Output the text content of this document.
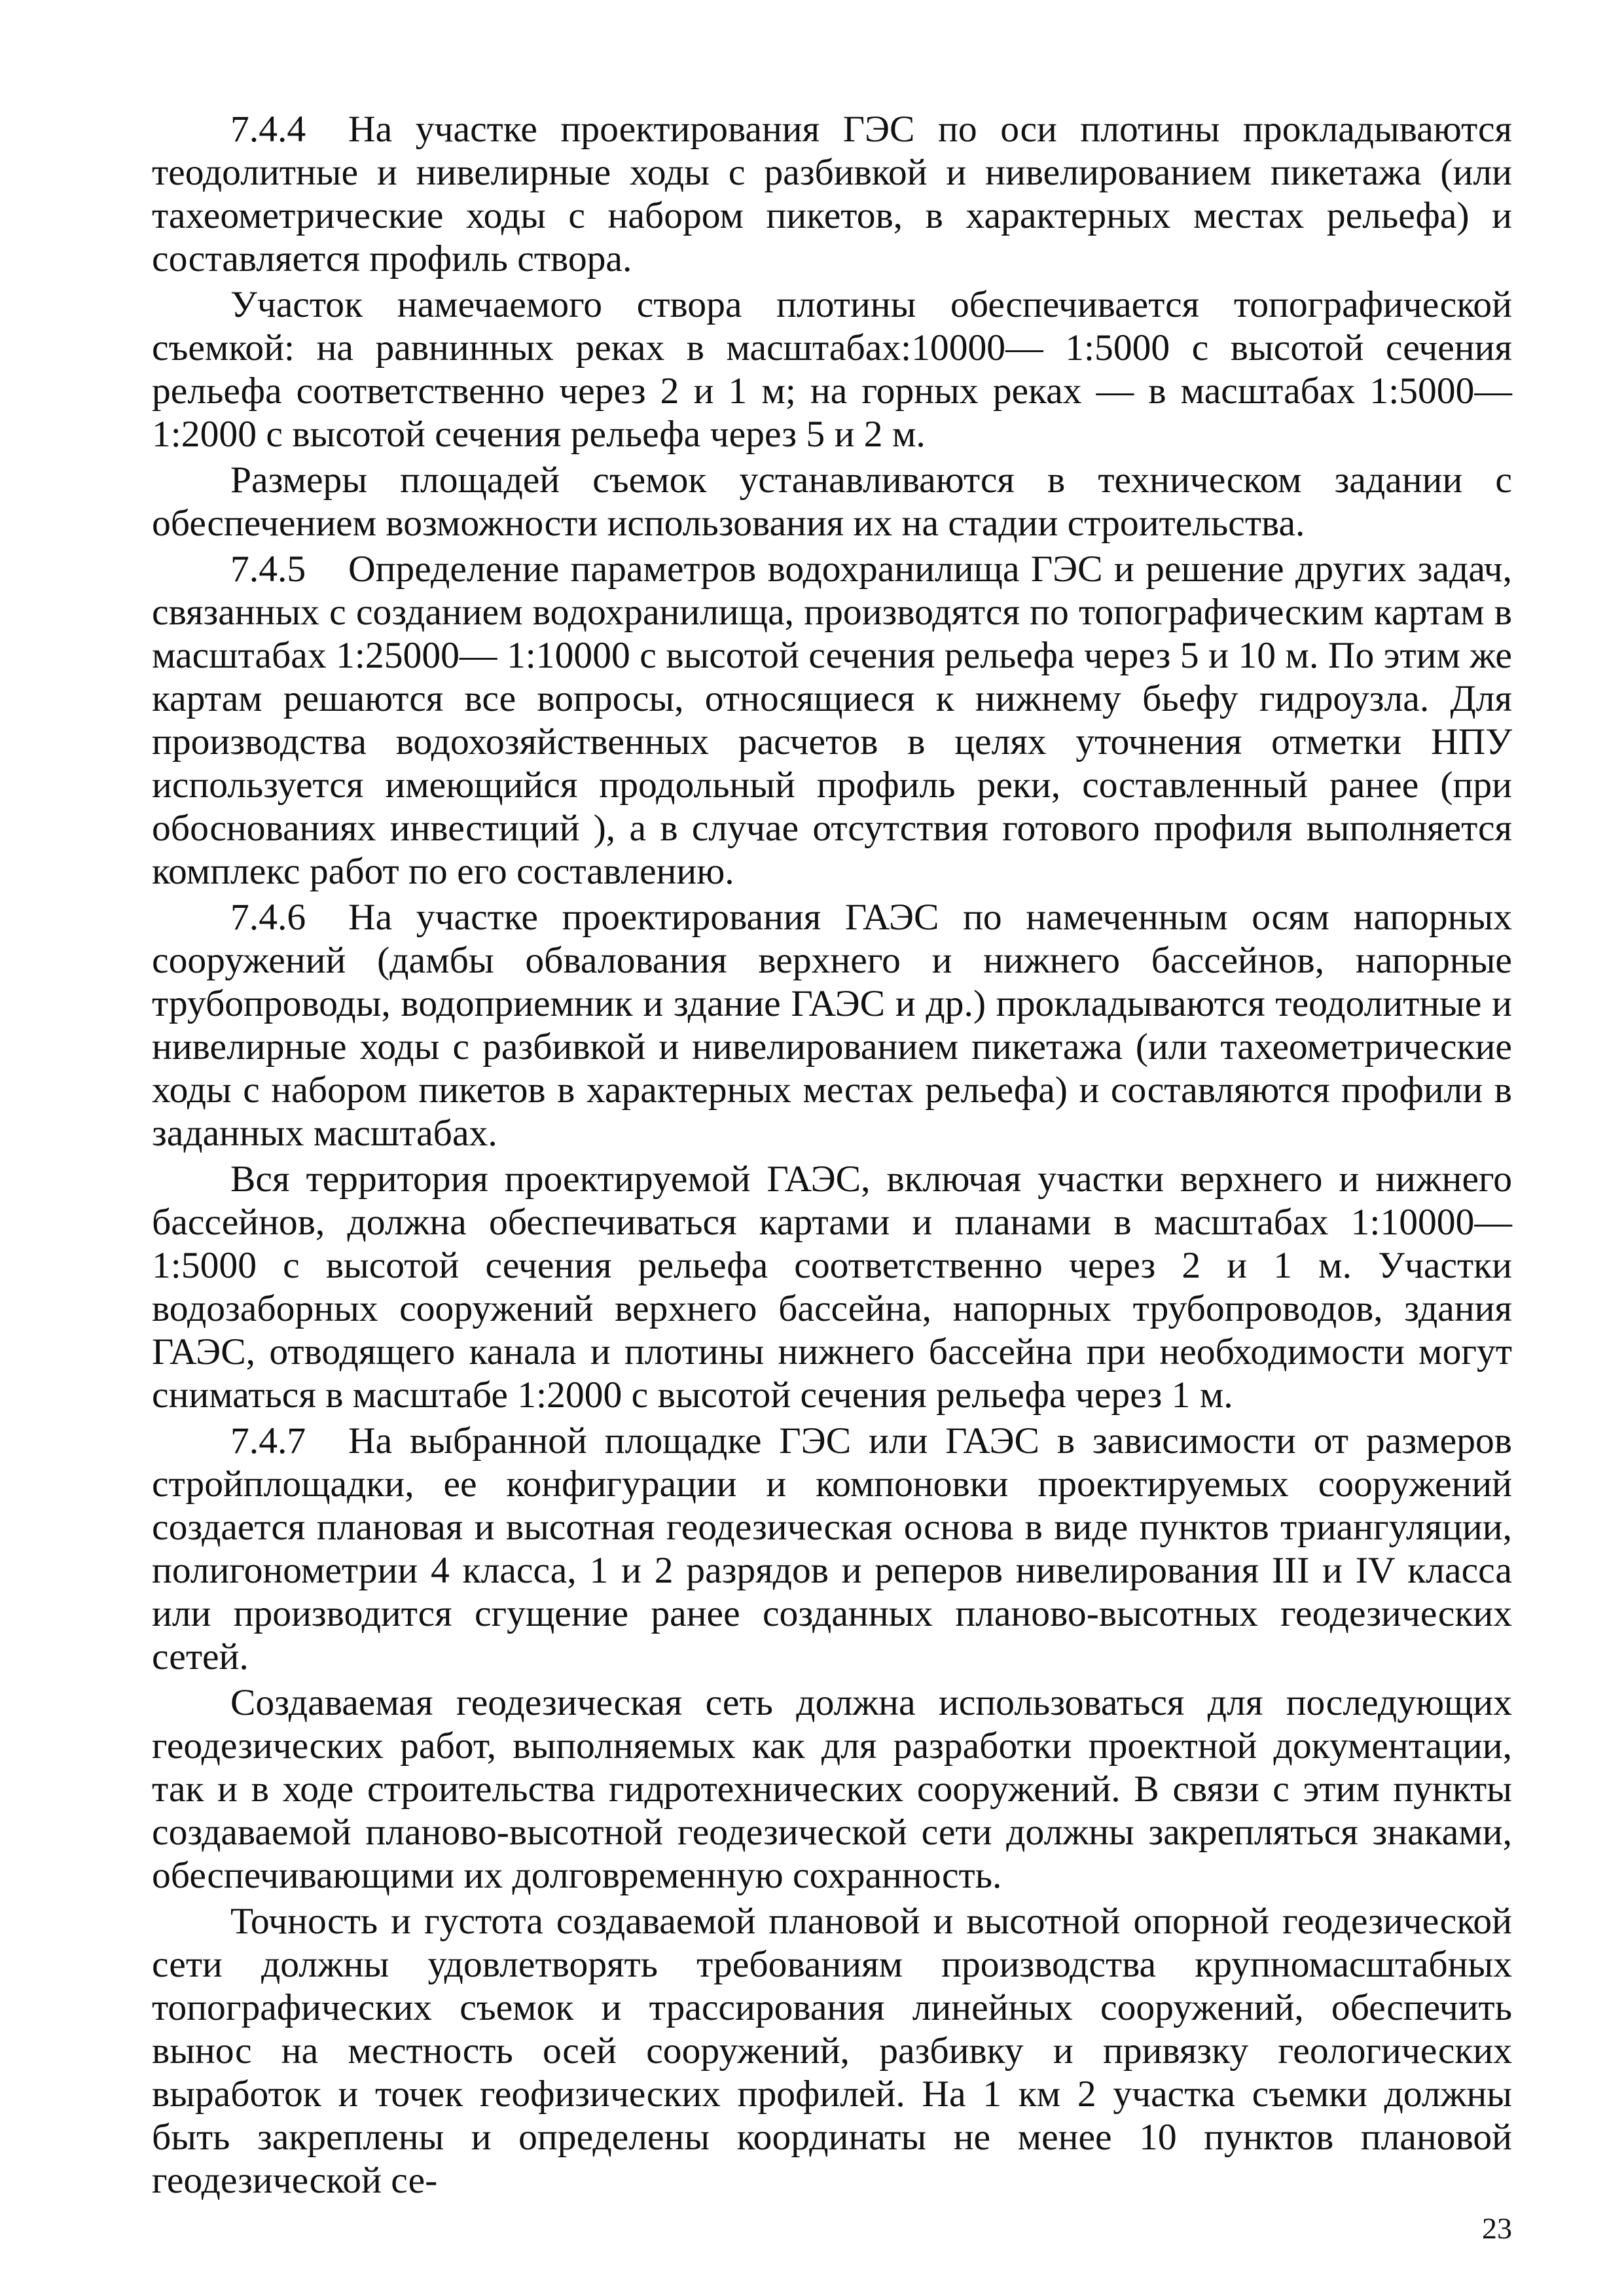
7.4.4 На участке проектирования ГЭС по оси плотины прокладываются теодолитные и нивелирные ходы с разбивкой и нивелированием пикетажа (или тахеометрические ходы с набором пикетов, в характерных местах рельефа) и составляется профиль створа.

Участок намечаемого створа плотины обеспечивается топографической съемкой: на равнинных реках в масштабах:10000— 1:5000 с высотой сечения рельефа соответственно через 2 и 1 м; на горных реках — в масштабах 1:5000— 1:2000 с высотой сечения рельефа через 5 и 2 м.

Размеры площадей съемок устанавливаются в техническом задании с обеспечением возможности использования их на стадии строительства.

7.4.5 Определение параметров водохранилища ГЭС и решение других задач, связанных с созданием водохранилища, производятся по топографическим картам в масштабах 1:25000— 1:10000 с высотой сечения рельефа через 5 и 10 м. По этим же картам решаются все вопросы, относящиеся к нижнему бьефу гидроузла. Для производства водохозяйственных расчетов в целях уточнения отметки НПУ используется имеющийся продольный профиль реки, составленный ранее (при обоснованиях инвестиций ), а в случае отсутствия готового профиля выполняется комплекс работ по его составлению.

7.4.6 На участке проектирования ГАЭС по намеченным осям напорных сооружений (дамбы обвалования верхнего и нижнего бассейнов, напорные трубопроводы, водоприемник и здание ГАЭС и др.) прокладываются теодолитные и нивелирные ходы с разбивкой и нивелированием пикетажа (или тахеометрические ходы с набором пикетов в характерных местах рельефа) и составляются профили в заданных масштабах.

Вся территория проектируемой ГАЭС, включая участки верхнего и нижнего бассейнов, должна обеспечиваться картами и планами в масштабах 1:10000— 1:5000 с высотой сечения рельефа соответственно через 2 и 1 м. Участки водозаборных сооружений верхнего бассейна, напорных трубопроводов, здания ГАЭС, отводящего канала и плотины нижнего бассейна при необходимости могут сниматься в масштабе 1:2000 с высотой сечения рельефа через 1 м.

7.4.7 На выбранной площадке ГЭС или ГАЭС в зависимости от размеров стройплощадки, ее конфигурации и компоновки проектируемых сооружений создается плановая и высотная геодезическая основа в виде пунктов триангуляции, полигонометрии 4 класса, 1 и 2 разрядов и реперов нивелирования III и IV класса или производится сгущение ранее созданных планово-высотных геодезических сетей.

Создаваемая геодезическая сеть должна использоваться для последующих геодезических работ, выполняемых как для разработки проектной документации, так и в ходе строительства гидротехнических сооружений. В связи с этим пункты создаваемой планово-высотной геодезической сети должны закрепляться знаками, обеспечивающими их долговременную сохранность.

Точность и густота создаваемой плановой и высотной опорной геодезической сети должны удовлетворять требованиям производства крупномасштабных топографических съемок и трассирования линейных сооружений, обеспечить вынос на местность осей сооружений, разбивку и привязку геологических выработок и точек геофизических профилей. На 1 км 2 участка съемки должны быть закреплены и определены координаты не менее 10 пунктов плановой геодезической се-

23
